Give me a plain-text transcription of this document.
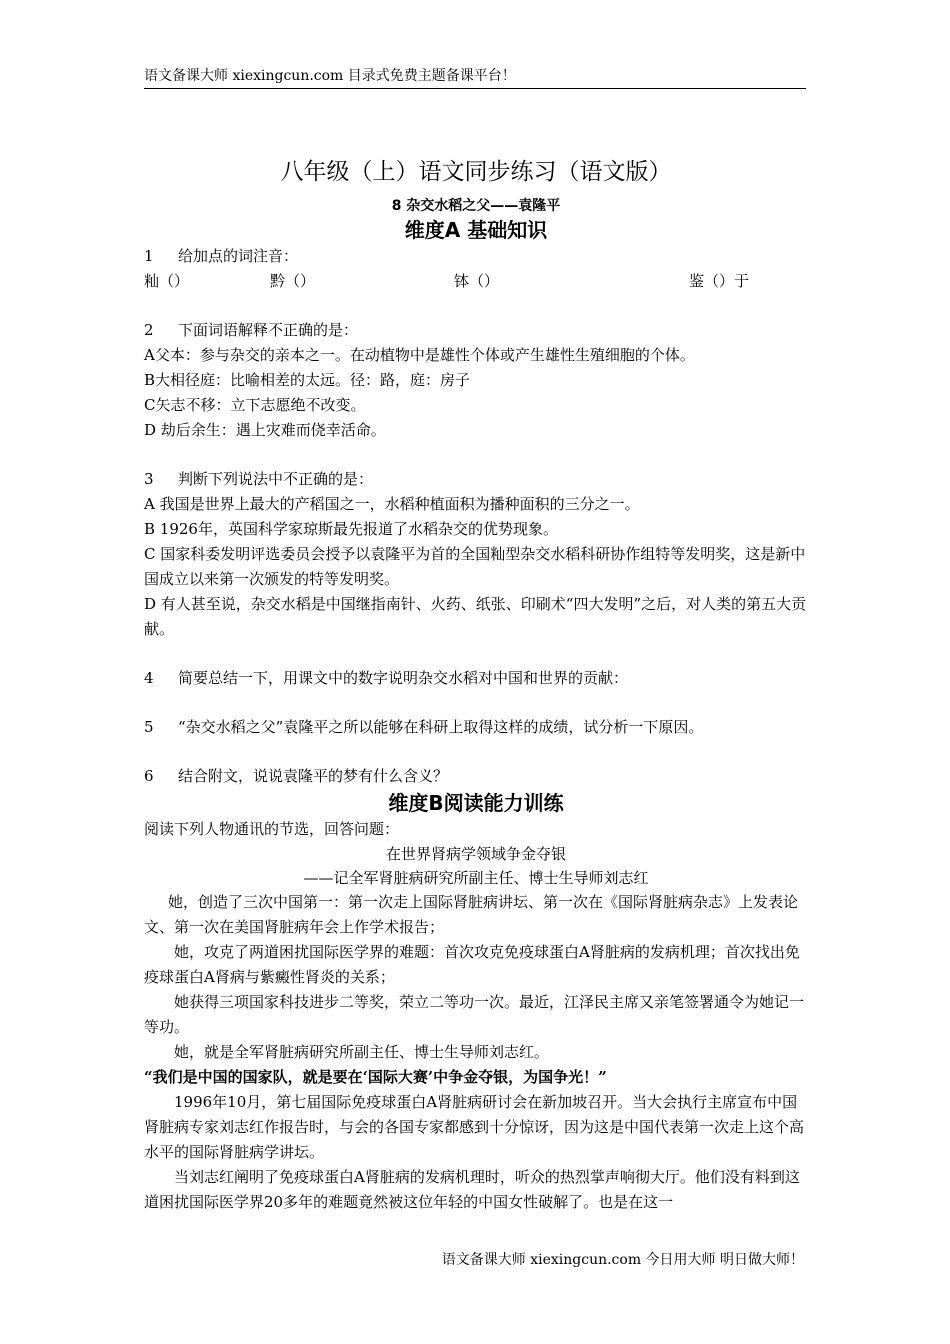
语文备课大师 xiexingcun.com 目录式免费主题备课平台！
八年级（上）语文同步练习（语文版）
8 杂交水稻之父——袁隆平
维度A 基础知识
1 给加点的词注音：
籼（）	黔（）	钵（）	鉴（）于
2 下面词语解释不正确的是：
A父本：参与杂交的亲本之一。在动植物中是雄性个体或产生雄性生殖细胞的个体。
B大相径庭：比喻相差的太远。径：路，庭：房子
C矢志不移：立下志愿绝不改变。
D 劫后余生：遇上灾难而侥幸活命。
3 判断下列说法中不正确的是：
A 我国是世界上最大的产稻国之一，水稻种植面积为播种面积的三分之一。
B 1926年，英国科学家琼斯最先报道了水稻杂交的优势现象。
C 国家科委发明评选委员会授予以袁隆平为首的全国籼型杂交水稻科研协作组特等发明奖，这是新中国成立以来第一次颁发的特等发明奖。
D 有人甚至说，杂交水稻是中国继指南针、火药、纸张、印刷术“四大发明”之后，对人类的第五大贡献。
4 简要总结一下，用课文中的数字说明杂交水稻对中国和世界的贡献：
5 “杂交水稻之父”袁隆平之所以能够在科研上取得这样的成绩，试分析一下原因。
6 结合附文，说说袁隆平的梦有什么含义？
维度B阅读能力训练
阅读下列人物通讯的节选，回答问题：
在世界肾病学领域争金夺银
——记全军肾脏病研究所副主任、博士生导师刘志红
她，创造了三次中国第一：第一次走上国际肾脏病讲坛、第一次在《国际肾脏病杂志》上发表论文、第一次在美国肾脏病年会上作学术报告；
她，攻克了两道困扰国际医学界的难题：首次攻克免疫球蛋白A肾脏病的发病机理；首次找出免疫球蛋白A肾病与紫癜性肾炎的关系；
她获得三项国家科技进步二等奖，荣立二等功一次。最近，江泽民主席又亲笔签署通令为她记一等功。
她，就是全军肾脏病研究所副主任、博士生导师刘志红。
“我们是中国的国家队，就是要在‘国际大赛’中争金夺银，为国争光！”
1996年10月，第七届国际免疫球蛋白A肾脏病研讨会在新加坡召开。当大会执行主席宣布中国肾脏病专家刘志红作报告时，与会的各国专家都感到十分惊讶，因为这是中国代表第一次走上这个高水平的国际肾脏病学讲坛。
当刘志红阐明了免疫球蛋白A肾脏病的发病机理时，听众的热烈掌声响彻大厅。他们没有料到这道困扰国际医学界20多年的难题竟然被这位年轻的中国女性破解了。也是在这一
语文备课大师 xiexingcun.com 今日用大师 明日做大师！
